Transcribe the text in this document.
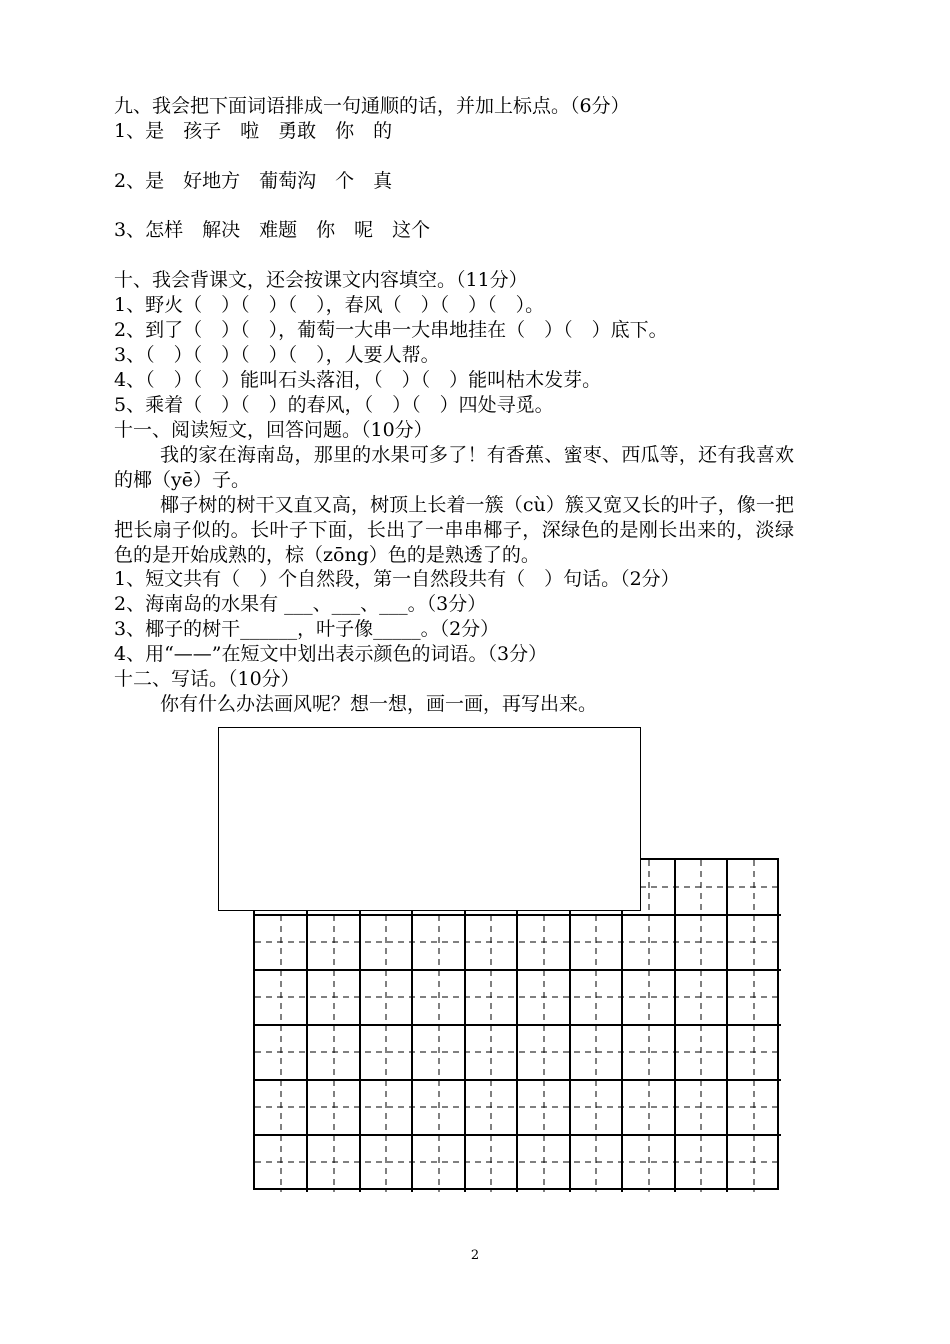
九、我会把下面词语排成一句通顺的话，并加上标点。（6分）
1、是　孩子　啦　勇敢　你　的
2、是　好地方　葡萄沟　个　真
3、怎样　解决　难题　你　呢　这个
十、我会背课文，还会按课文内容填空。（11分）
1、野火（　）（　）（　），春风（　）（　）（　）。
2、到了（　）（　），葡萄一大串一大串地挂在（　）（　）底下。
3、（　）（　）（　）（　），人要人帮。
4、（　）（　）能叫石头落泪，（　）（　）能叫枯木发芽。
5、乘着（　）（　）的春风，（　）（　）四处寻觅。
十一、阅读短文，回答问题。（10分）
我的家在海南岛，那里的水果可多了！有香蕉、蜜枣、西瓜等，还有我喜欢的椰（yē）子。
椰子树的树干又直又高，树顶上长着一簇（cù）簇又宽又长的叶子，像一把把长扇子似的。长叶子下面，长出了一串串椰子，深绿色的是刚长出来的，淡绿色的是开始成熟的，棕（zōng）色的是熟透了的。
1、短文共有（　）个自然段，第一自然段共有（　）句话。（2分）
2、海南岛的水果有 ___、___、___。（3分）
3、椰子的树干______，叶子像_____。（2分）
4、用“——”在短文中划出表示颜色的词语。（3分）
十二、写话。（10分）
你有什么办法画风呢？想一想，画一画，再写出来。
2
